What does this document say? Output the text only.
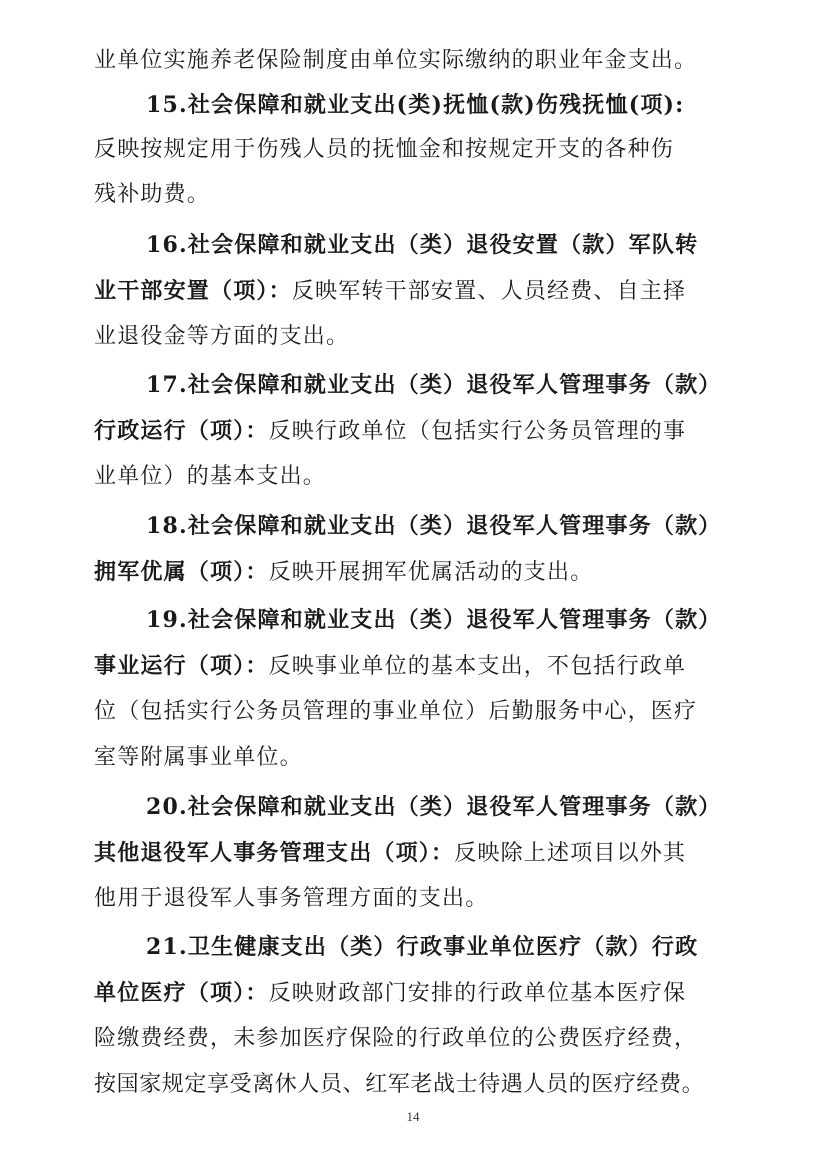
业单位实施养老保险制度由单位实际缴纳的职业年金支出。
15.社会保障和就业支出(类)抚恤(款)伤残抚恤(项):
反映按规定用于伤残人员的抚恤金和按规定开支的各种伤
残补助费。
16.社会保障和就业支出（类）退役安置（款）军队转
业干部安置（项）：反映军转干部安置、人员经费、自主择
业退役金等方面的支出。
17.社会保障和就业支出（类）退役军人管理事务（款）
行政运行（项）：反映行政单位（包括实行公务员管理的事
业单位）的基本支出。
18.社会保障和就业支出（类）退役军人管理事务（款）
拥军优属（项）：反映开展拥军优属活动的支出。
19.社会保障和就业支出（类）退役军人管理事务（款）
事业运行（项）：反映事业单位的基本支出，不包括行政单
位（包括实行公务员管理的事业单位）后勤服务中心，医疗
室等附属事业单位。
20.社会保障和就业支出（类）退役军人管理事务（款）
其他退役军人事务管理支出（项）：反映除上述项目以外其
他用于退役军人事务管理方面的支出。
21.卫生健康支出（类）行政事业单位医疗（款）行政
单位医疗（项）：反映财政部门安排的行政单位基本医疗保
险缴费经费，未参加医疗保险的行政单位的公费医疗经费，
按国家规定享受离休人员、红军老战士待遇人员的医疗经费。
14
